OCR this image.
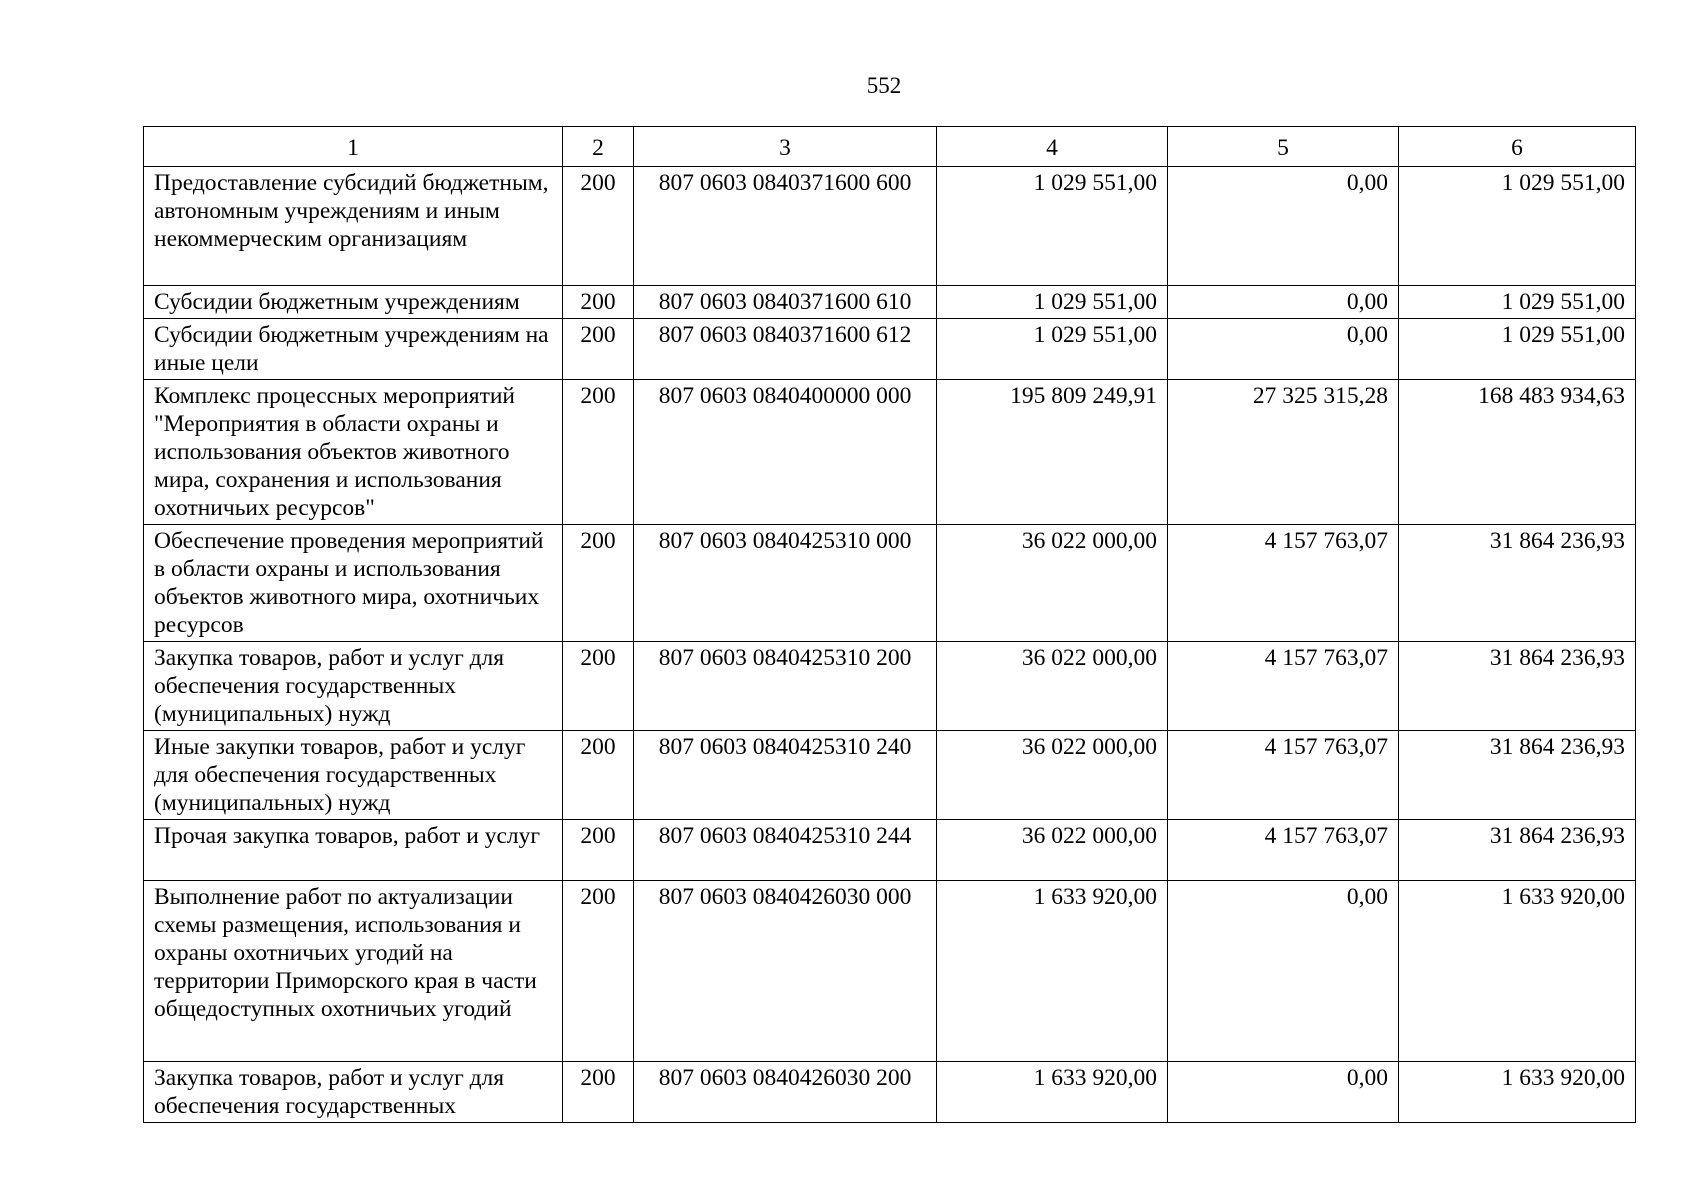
552
1	2	3	4	5	6
Предоставление субсидий бюджетным, автономным учреждениям и иным некоммерческим организациям	200	807 0603 0840371600 600	1 029 551,00	0,00	1 029 551,00
Субсидии бюджетным учреждениям	200	807 0603 0840371600 610	1 029 551,00	0,00	1 029 551,00
Субсидии бюджетным учреждениям на иные цели	200	807 0603 0840371600 612	1 029 551,00	0,00	1 029 551,00
Комплекс процессных мероприятий "Мероприятия в области охраны и использования объектов животного мира, сохранения и использования охотничьих ресурсов"	200	807 0603 0840400000 000	195 809 249,91	27 325 315,28	168 483 934,63
Обеспечение проведения мероприятий в области охраны и использования объектов животного мира, охотничьих ресурсов	200	807 0603 0840425310 000	36 022 000,00	4 157 763,07	31 864 236,93
Закупка товаров, работ и услуг для обеспечения государственных (муниципальных) нужд	200	807 0603 0840425310 200	36 022 000,00	4 157 763,07	31 864 236,93
Иные закупки товаров, работ и услуг для обеспечения государственных (муниципальных) нужд	200	807 0603 0840425310 240	36 022 000,00	4 157 763,07	31 864 236,93
Прочая закупка товаров, работ и услуг	200	807 0603 0840425310 244	36 022 000,00	4 157 763,07	31 864 236,93
Выполнение работ по актуализации схемы размещения, использования и охраны охотничьих угодий на территории Приморского края в части общедоступных охотничьих угодий	200	807 0603 0840426030 000	1 633 920,00	0,00	1 633 920,00
Закупка товаров, работ и услуг для обеспечения государственных	200	807 0603 0840426030 200	1 633 920,00	0,00	1 633 920,00
